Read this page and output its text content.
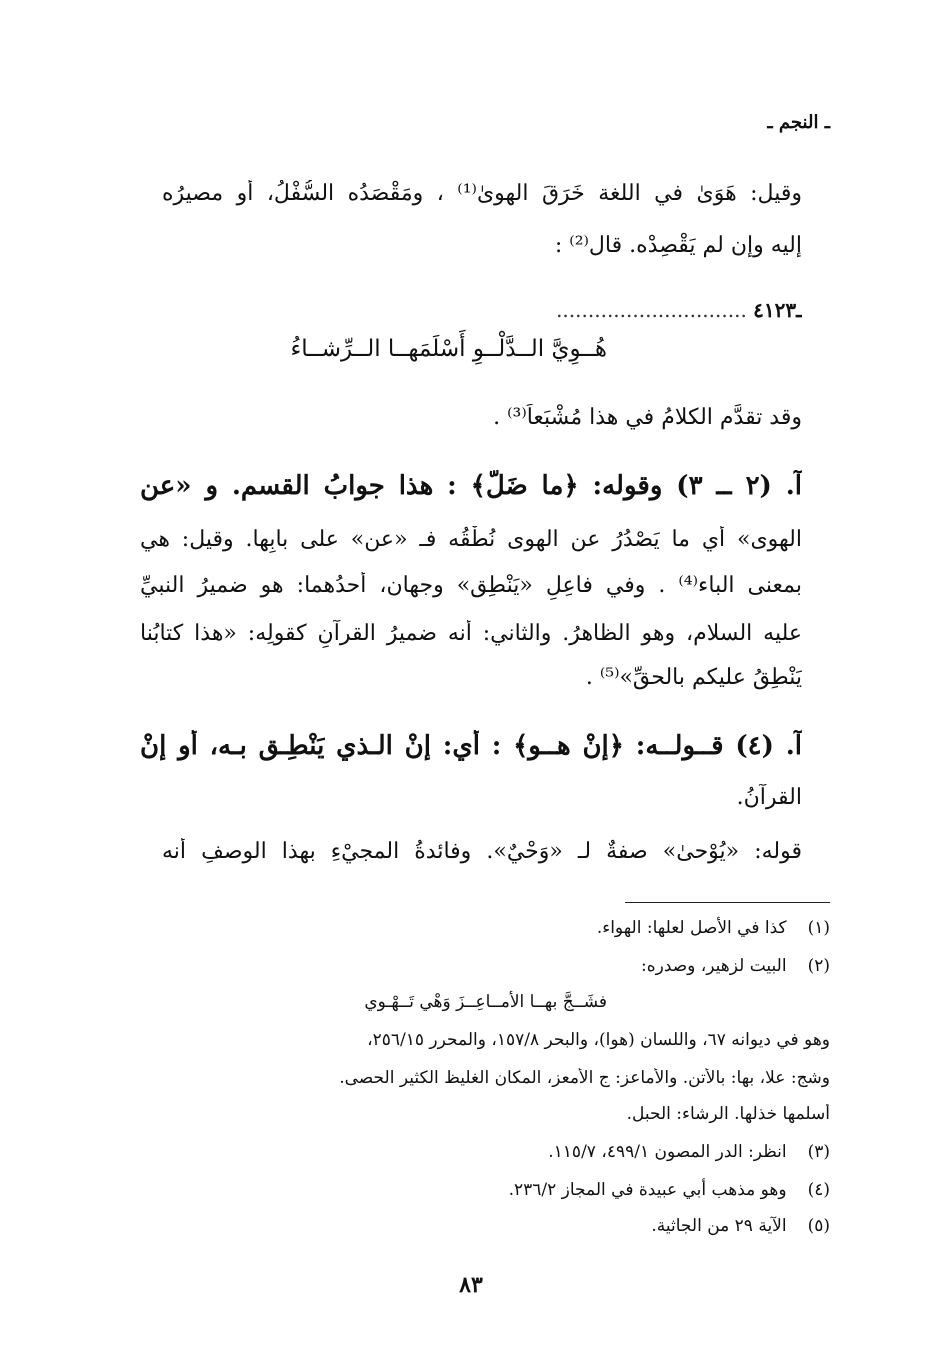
ـ النجم ـ
وقيل: هَوَىٰ في اللغة خَرَقَ الهوىٰ⁽¹⁾ ، ومَقْصَدُه السُّفْلُ، أو مصيرُه
إليه وإن لم يَقْصِدْه. قال⁽²⁾ :
ـ٤١٢٣ ..............................
هُــوِيَّ الــدَّلْــوِ أَسْلَمَهــا الــرِّشــاءُ
وقد تقدَّم الكلامُ في هذا مُشْبَعاً⁽³⁾ .
آ. (٢ ــ ٣) وقوله: ﴿ما ضَلَّ﴾ : هذا جوابُ القسم. و «عن
الهوى» أي ما يَصْدُرُ عن الهوى نُطْقُه فـ «عن» على بابِها. وقيل: هي
بمعنى الباء⁽⁴⁾ . وفي فاعِلِ «يَنْطِق» وجهان، أحدُهما: هو ضميرُ النبيِّ
عليه السلام، وهو الظاهرُ. والثاني: أنه ضميرُ القرآنِ كقولِه: «هذا كتابُنا
يَنْطِقُ عليكم بالحقِّ»⁽⁵⁾ .
آ. (٤) قــولــه: ﴿إنْ هــو﴾ : أي: إنْ الـذي يَنْطِـق بـه، أو إنْ
القرآنُ.
قوله: «يُوْحىٰ» صفةٌ لـ «وَحْيٌ». وفائدةُ المجيْءِ بهذا الوصفِ أنه
(١) كذا في الأصل لعلها: الهواء.
(٢) البيت لزهير، وصدره:
فشَــجَّ بهــا الأمــاعِــزَ وَهْي تَــهْـوي
وهو في ديوانه ٦٧، واللسان (هوا)، والبحر ١٥٧/٨، والمحرر ٢٥٦/١٥،
وشج: علا، بها: بالأتن. والأماعز: ج الأمعز، المكان الغليظ الكثير الحصى.
أسلمها خذلها. الرشاء: الحبل.
(٣) انظر: الدر المصون ٤٩٩/١، ١١٥/٧.
(٤) وهو مذهب أبي عبيدة في المجاز ٢٣٦/٢.
(٥) الآية ٢٩ من الجاثية.
٨٣
